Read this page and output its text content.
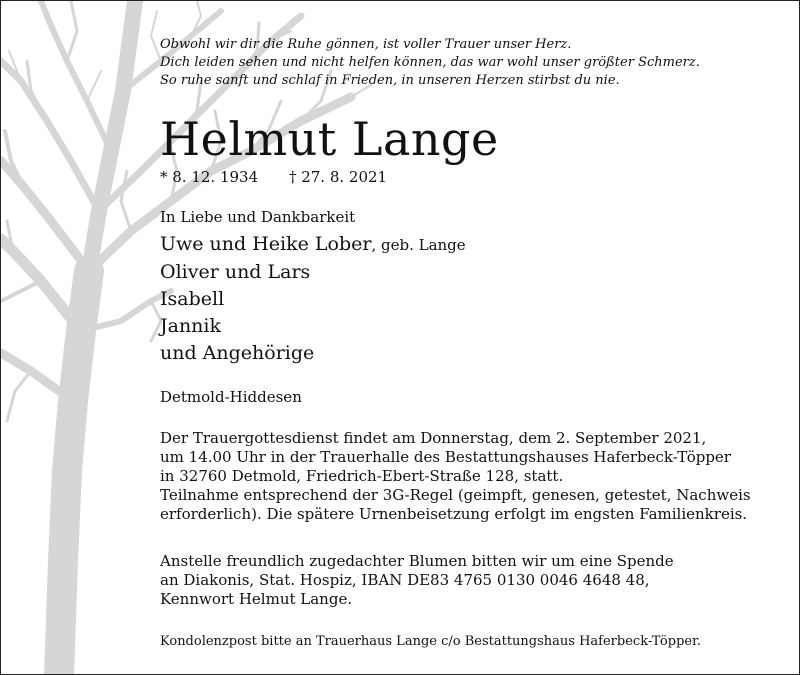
Obwohl wir dir die Ruhe gönnen, ist voller Trauer unser Herz.
Dich leiden sehen und nicht helfen können, das war wohl unser größter Schmerz.
So ruhe sanft und schlaf in Frieden, in unseren Herzen stirbst du nie.
Helmut Lange
* 8. 12. 1934 † 27. 8. 2021
In Liebe und Dankbarkeit
Uwe und Heike Lober, geb. Lange
Oliver und Lars
Isabell
Jannik
und Angehörige
Detmold-Hiddesen
Der Trauergottesdienst findet am Donnerstag, dem 2. September 2021,
um 14.00 Uhr in der Trauerhalle des Bestattungshauses Haferbeck-Töpper
in 32760 Detmold, Friedrich-Ebert-Straße 128, statt.
Teilnahme entsprechend der 3G-Regel (geimpft, genesen, getestet, Nachweis
erforderlich). Die spätere Urnenbeisetzung erfolgt im engsten Familienkreis.
Anstelle freundlich zugedachter Blumen bitten wir um eine Spende
an Diakonis, Stat. Hospiz, IBAN DE83 4765 0130 0046 4648 48,
Kennwort Helmut Lange.
Kondolenzpost bitte an Trauerhaus Lange c/o Bestattungshaus Haferbeck-Töpper.
